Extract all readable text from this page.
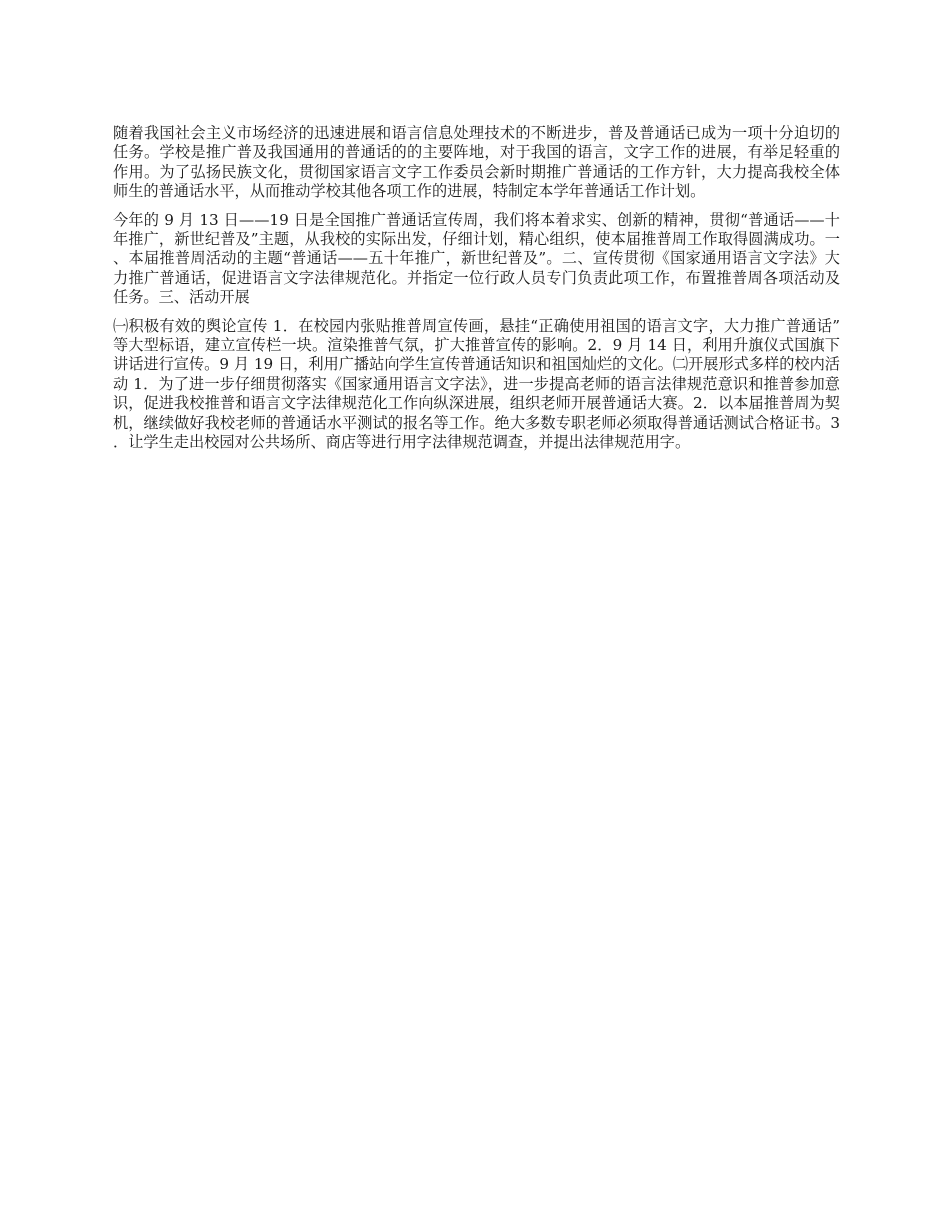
随着我国社会主义市场经济的迅速进展和语言信息处理技术的不断进步，普及普通话已成为一项十分迫切的任务。学校是推广普及我国通用的普通话的的主要阵地，对于我国的语言，文字工作的进展，有举足轻重的作用。为了弘扬民族文化，贯彻国家语言文字工作委员会新时期推广普通话的工作方针，大力提高我校全体师生的普通话水平，从而推动学校其他各项工作的进展，特制定本学年普通话工作计划。

今年的 9 月 13 日——19 日是全国推广普通话宣传周，我们将本着求实、创新的精神，贯彻“普通话——十年推广，新世纪普及”主题，从我校的实际出发，仔细计划，精心组织，使本届推普周工作取得圆满成功。一、本届推普周活动的主题“普通话——五十年推广，新世纪普及”。二、宣传贯彻《国家通用语言文字法》大力推广普通话，促进语言文字法律规范化。并指定一位行政人员专门负责此项工作，布置推普周各项活动及任务。三、活动开展

㈠积极有效的舆论宣传 1．在校园内张贴推普周宣传画，悬挂“正确使用祖国的语言文字，大力推广普通话”等大型标语，建立宣传栏一块。渲染推普气氛，扩大推普宣传的影响。2．9 月 14 日，利用升旗仪式国旗下讲话进行宣传。9 月 19 日，利用广播站向学生宣传普通话知识和祖国灿烂的文化。㈡开展形式多样的校内活动 1．为了进一步仔细贯彻落实《国家通用语言文字法》，进一步提高老师的语言法律规范意识和推普参加意识，促进我校推普和语言文字法律规范化工作向纵深进展，组织老师开展普通话大赛。2．以本届推普周为契机，继续做好我校老师的普通话水平测试的报名等工作。绝大多数专职老师必须取得普通话测试合格证书。3．让学生走出校园对公共场所、商店等进行用字法律规范调查，并提出法律规范用字。
